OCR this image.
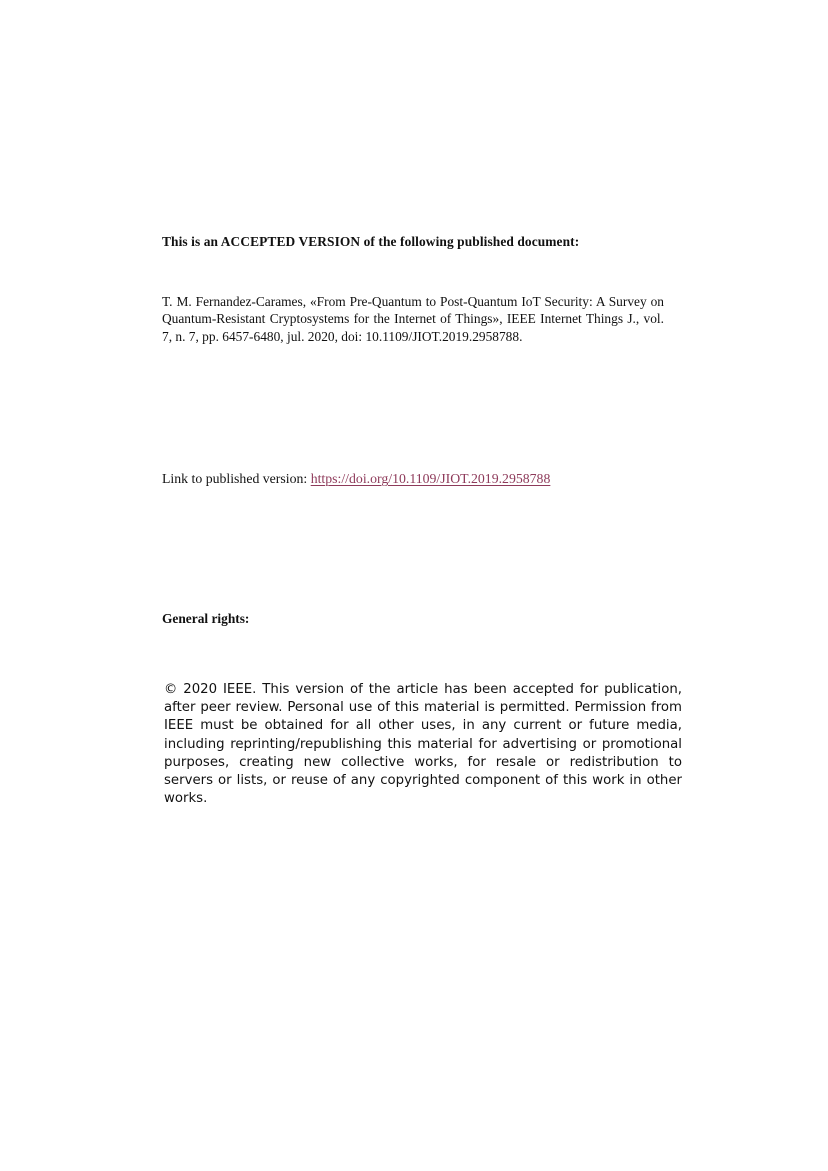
This is an ACCEPTED VERSION of the following published document:

T. M. Fernandez-Carames, «From Pre-Quantum to Post-Quantum IoT Security: A Survey on Quantum-Resistant Cryptosystems for the Internet of Things», IEEE Internet Things J., vol. 7, n. 7, pp. 6457-6480, jul. 2020, doi: 10.1109/JIOT.2019.2958788.

Link to published version: https://doi.org/10.1109/JIOT.2019.2958788

General rights:

© 2020 IEEE. This version of the article has been accepted for publication, after peer review. Personal use of this material is permitted. Permission from IEEE must be obtained for all other uses, in any current or future media, including reprinting/republishing this material for advertising or promotional purposes, creating new collective works, for resale or redistribution to servers or lists, or reuse of any copyrighted component of this work in other works.
